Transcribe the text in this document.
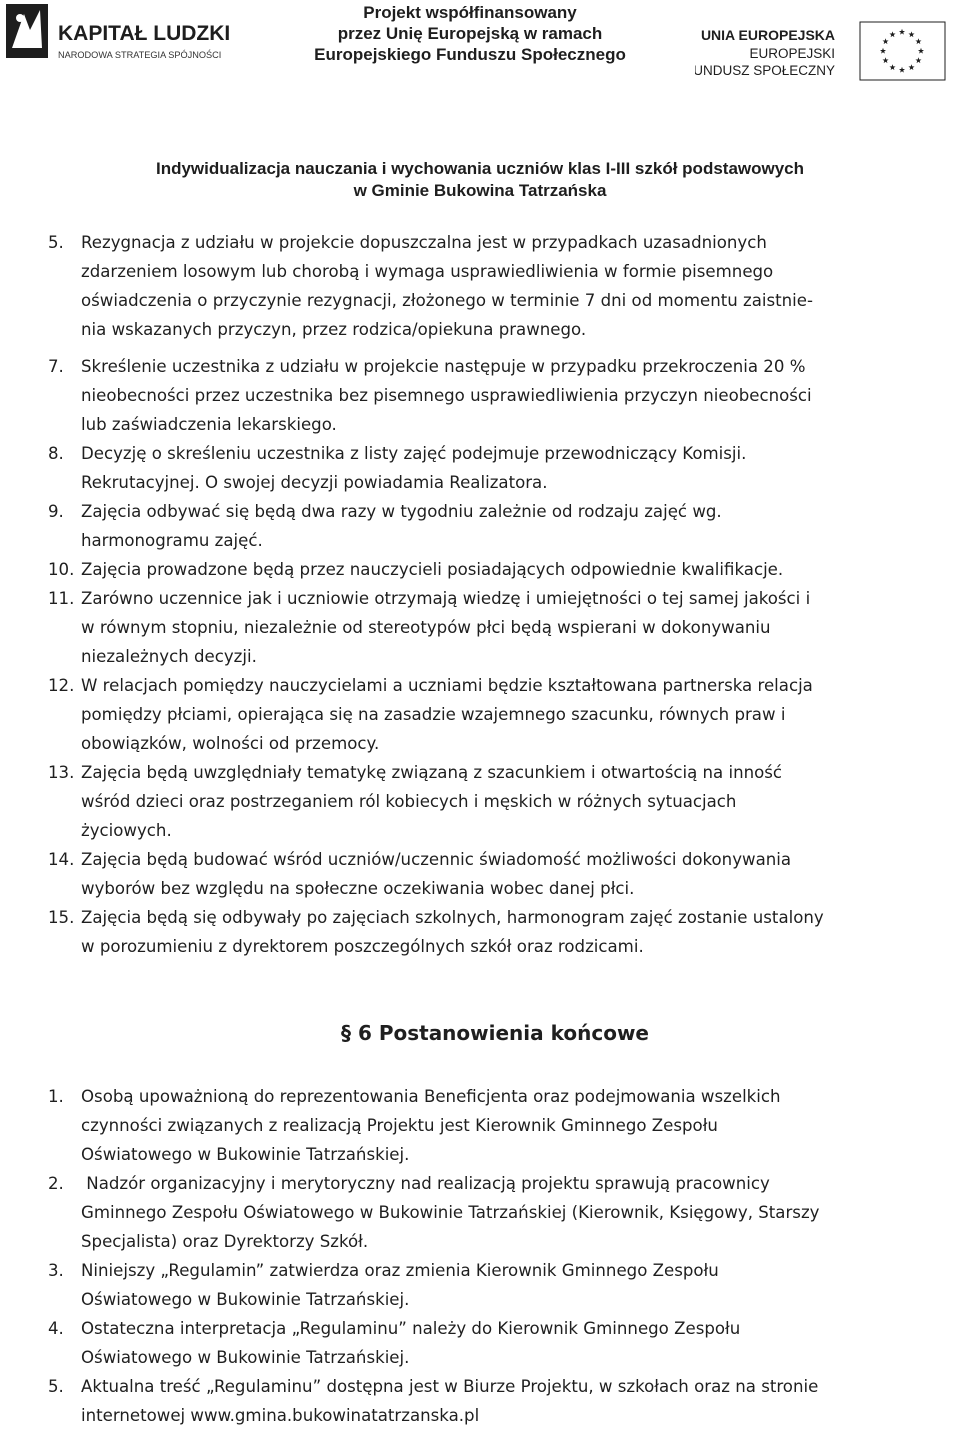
KAPITAŁ LUDZKI
NARODOWA STRATEGIA SPÓJNOŚCI
Projekt współfinansowany
przez Unię Europejską w ramach
Europejskiego Funduszu Społecznego
UNIA EUROPEJSKA
EUROPEJSKI
FUNDUSZ SPOŁECZNY
Indywidualizacja nauczania i wychowania uczniów klas I-III szkół podstawowych
w Gminie Bukowina Tatrzańska
5. Rezygnacja z udziału w projekcie dopuszczalna jest w przypadkach uzasadnionych
zdarzeniem losowym lub chorobą i wymaga usprawiedliwienia w formie pisemnego
oświadczenia o przyczynie rezygnacji, złożonego w terminie 7 dni od momentu zaistnie-
nia wskazanych przyczyn, przez rodzica/opiekuna prawnego.
7. Skreślenie uczestnika z udziału w projekcie następuje w przypadku przekroczenia 20 %
nieobecności przez uczestnika bez pisemnego usprawiedliwienia przyczyn nieobecności
lub zaświadczenia lekarskiego.
8. Decyzję o skreśleniu uczestnika z listy zajęć podejmuje przewodniczący Komisji.
Rekrutacyjnej. O swojej decyzji powiadamia Realizatora.
9. Zajęcia odbywać się będą dwa razy w tygodniu zależnie od rodzaju zajęć wg.
harmonogramu zajęć.
10. Zajęcia prowadzone będą przez nauczycieli posiadających odpowiednie kwalifikacje.
11. Zarówno uczennice jak i uczniowie otrzymają wiedzę i umiejętności o tej samej jakości i
w równym stopniu, niezależnie od stereotypów płci będą wspierani w dokonywaniu
niezależnych decyzji.
12. W relacjach pomiędzy nauczycielami a uczniami będzie kształtowana partnerska relacja
pomiędzy płciami, opierająca się na zasadzie wzajemnego szacunku, równych praw i
obowiązków, wolności od przemocy.
13. Zajęcia będą uwzględniały tematykę związaną z szacunkiem i otwartością na inność
wśród dzieci oraz postrzeganiem ról kobiecych i męskich w różnych sytuacjach
życiowych.
14. Zajęcia będą budować wśród uczniów/uczennic świadomość możliwości dokonywania
wyborów bez względu na społeczne oczekiwania wobec danej płci.
15. Zajęcia będą się odbywały po zajęciach szkolnych, harmonogram zajęć zostanie ustalony
w porozumieniu z dyrektorem poszczególnych szkół oraz rodzicami.
§ 6 Postanowienia końcowe
1. Osobą upoważnioną do reprezentowania Beneficjenta oraz podejmowania wszelkich
czynności związanych z realizacją Projektu jest Kierownik Gminnego Zespołu
Oświatowego w Bukowinie Tatrzańskiej.
2. Nadzór organizacyjny i merytoryczny nad realizacją projektu sprawują pracownicy
Gminnego Zespołu Oświatowego w Bukowinie Tatrzańskiej (Kierownik, Księgowy, Starszy
Specjalista) oraz Dyrektorzy Szkół.
3. Niniejszy „Regulamin” zatwierdza oraz zmienia Kierownik Gminnego Zespołu
Oświatowego w Bukowinie Tatrzańskiej.
4. Ostateczna interpretacja „Regulaminu” należy do Kierownik Gminnego Zespołu
Oświatowego w Bukowinie Tatrzańskiej.
5. Aktualna treść „Regulaminu” dostępna jest w Biurze Projektu, w szkołach oraz na stronie
internetowej www.gmina.bukowinatatrzanska.pl
